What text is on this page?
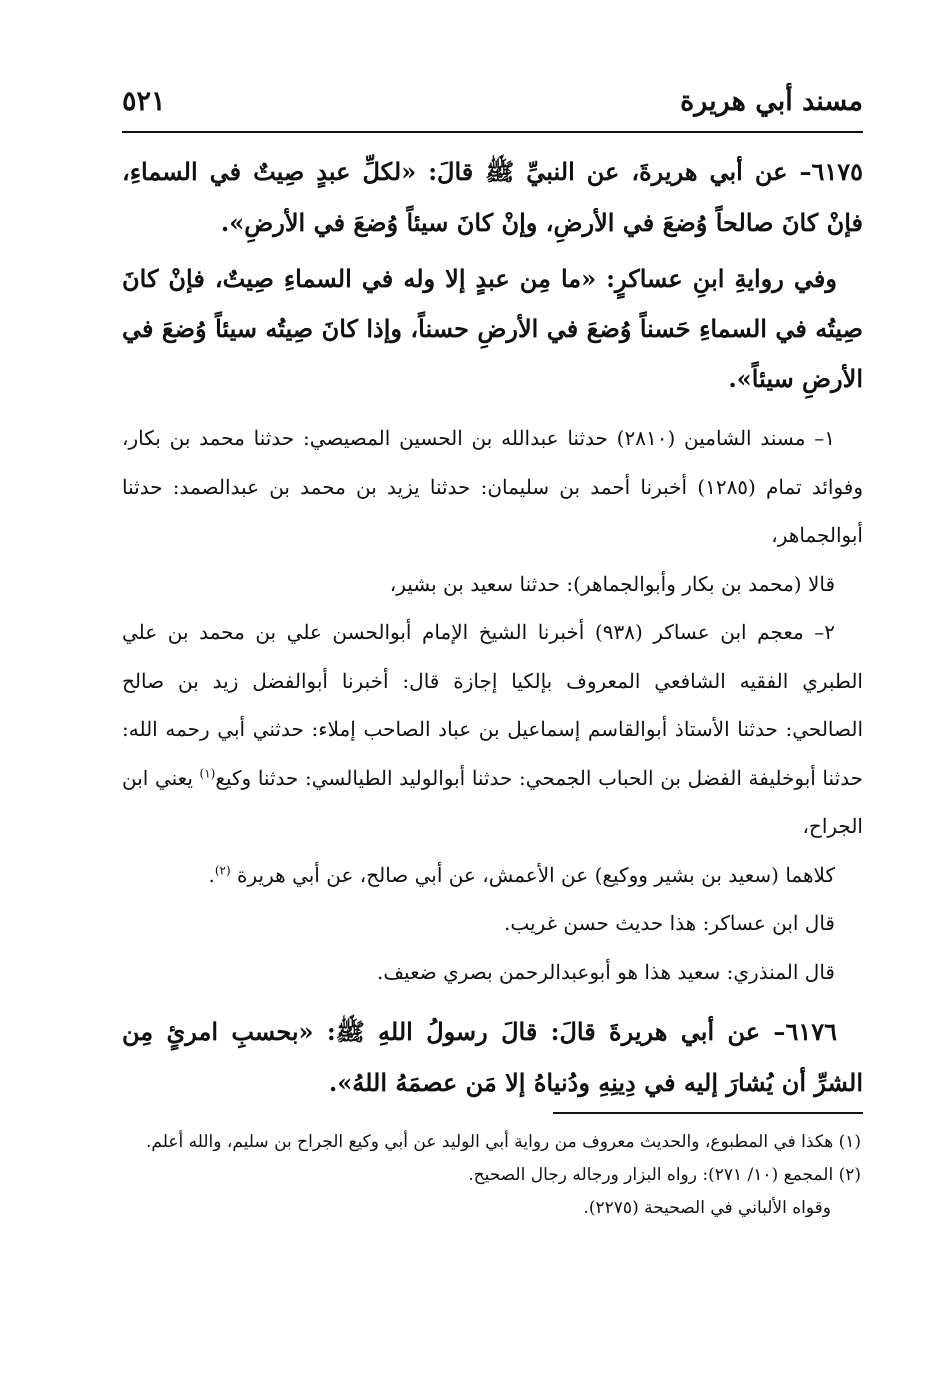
مسند أبي هريرة
٥٢١

٦١٧٥– عن أبي هريرةَ، عن النبيِّ ﷺ قالَ: «لكلِّ عبدٍ صِيتٌ في السماءِ، فإنْ كانَ صالحاً وُضعَ في الأرضِ، وإنْ كانَ سيئاً وُضعَ في الأرضِ».

وفي روايةِ ابنِ عساكرٍ: «ما مِن عبدٍ إلا وله في السماءِ صِيتٌ، فإنْ كانَ صِيتُه في السماءِ حَسناً وُضعَ في الأرضِ حسناً، وإذا كانَ صِيتُه سيئاً وُضعَ في الأرضِ سيئاً».

١– مسند الشامين (٢٨١٠) حدثنا عبدالله بن الحسين المصيصي: حدثنا محمد بن بكار، وفوائد تمام (١٢٨٥) أخبرنا أحمد بن سليمان: حدثنا يزيد بن محمد بن عبدالصمد: حدثنا أبوالجماهر،

قالا (محمد بن بكار وأبوالجماهر): حدثنا سعيد بن بشير،

٢– معجم ابن عساكر (٩٣٨) أخبرنا الشيخ الإمام أبوالحسن علي بن محمد بن علي الطبري الفقيه الشافعي المعروف بإلكيا إجازة قال: أخبرنا أبوالفضل زيد بن صالح الصالحي: حدثنا الأستاذ أبوالقاسم إسماعيل بن عباد الصاحب إملاء: حدثني أبي رحمه الله: حدثنا أبوخليفة الفضل بن الحباب الجمحي: حدثنا أبوالوليد الطيالسي: حدثنا وكيع$^{(١)}$ يعني ابن الجراح،

كلاهما (سعيد بن بشير ووكيع) عن الأعمش، عن أبي صالح، عن أبي هريرة $^{(٢)}$.

قال ابن عساكر: هذا حديث حسن غريب.

قال المنذري: سعيد هذا هو أبوعبدالرحمن بصري ضعيف.

٦١٧٦– عن أبي هريرةَ قالَ: قالَ رسولُ اللهِ ﷺ: «بحسبِ امرئٍ مِن الشرِّ أن يُشارَ إليه في دِينِهِ ودُنياهُ إلا مَن عصمَهُ اللهُ».

(١) هكذا في المطبوع، والحديث معروف من رواية أبي الوليد عن أبي وكيع الجراح بن سليم، والله أعلم.

(٢) المجمع (١٠/ ٢٧١): رواه البزار ورجاله رجال الصحيح.

وقواه الألباني في الصحيحة (٢٢٧٥).
